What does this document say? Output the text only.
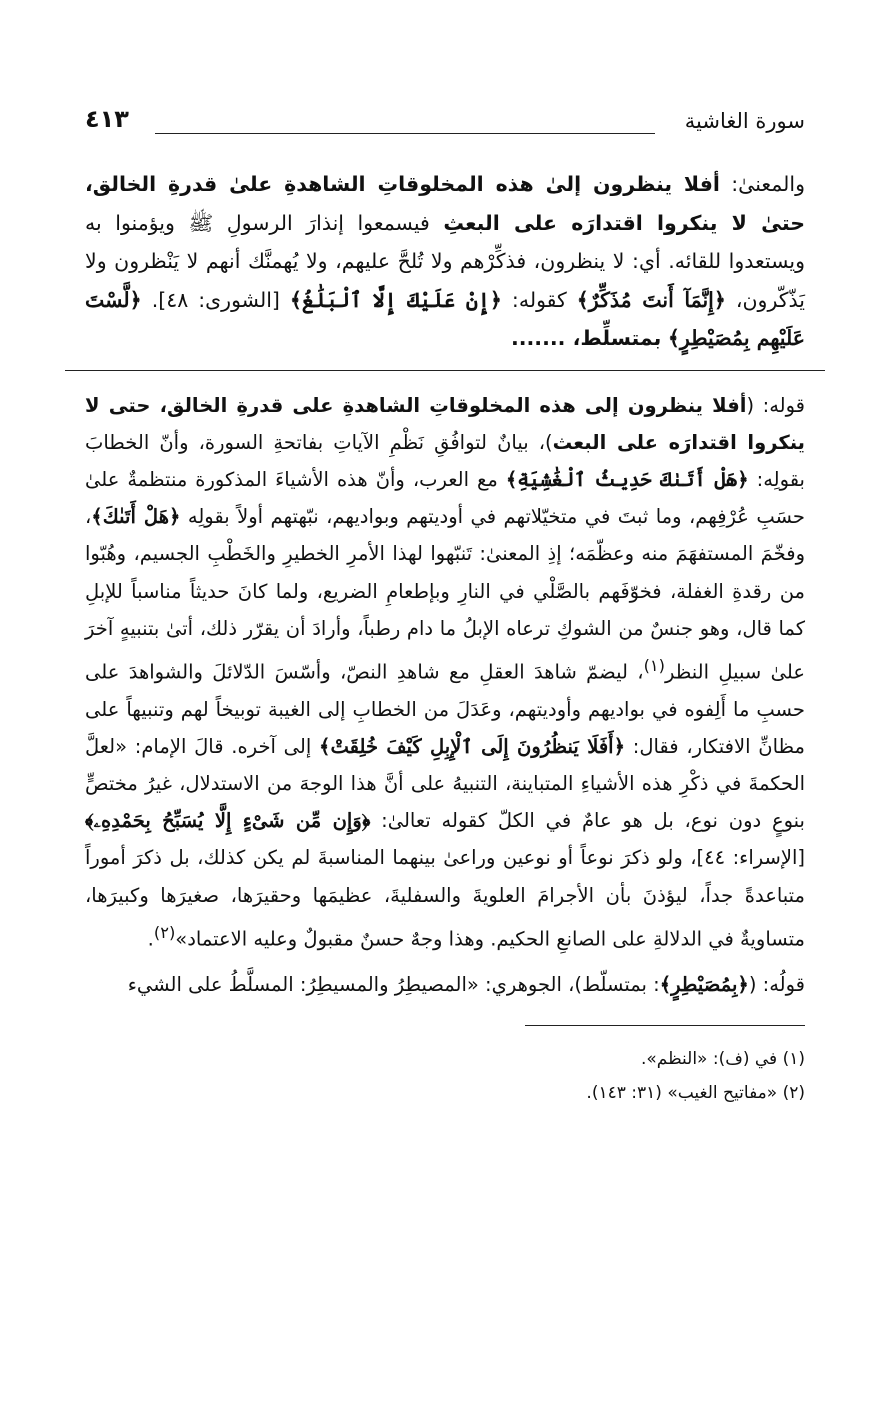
سورة الغاشية
٤١٣

والمعنىٰ: أفلا ينظرون إلىٰ هذه المخلوقاتِ الشاهدةِ علىٰ قدرةِ الخالق، حتىٰ لا ينكروا اقتدارَه على البعثِ فيسمعوا إنذارَ الرسولِ ﷺ ويؤمنوا به ويستعدوا للقائه. أي: لا ينظرون، فذكِّرْهم ولا تُلحَّ عليهم، ولا يُهمنَّك أنهم لا يَنْظرون ولا يَذّكّرون، ﴿إِنَّمَآ أَنتَ مُذَكِّرٌ﴾ كقوله: ﴿إِنْ عَلَيْكَ إِلَّا ٱلْبَلَٰغُ﴾ [الشورى: ٤٨]. ﴿لَّسْتَ عَلَيْهِم بِمُصَيْطِرٍ﴾ بمتسلِّط، .......

قوله: (أفلا ينظرون إلى هذه المخلوقاتِ الشاهدةِ على قدرةِ الخالق، حتى لا ينكروا اقتدارَه على البعث)، بيانٌ لتوافُقِ نَظْمِ الآياتِ بفاتحةِ السورة، وأنّ الخطابَ بقولِه: ﴿هَلْ أَتَىٰكَ حَدِيثُ ٱلْغَٰشِيَةِ﴾ مع العرب، وأنّ هذه الأشياءَ المذكورة منتظمةٌ علىٰ حسَبِ عُرْفِهم، وما ثبتَ في متخيّلاتهم في أوديتهم وبواديهم، نبّهتهم أولاً بقولِه ﴿هَلْ أَتَىٰكَ﴾، وفخّمَ المستفهَمَ منه وعظّمَه؛ إذِ المعنىٰ: تَنبّهوا لهذا الأمرِ الخطيرِ والخَطْبِ الجسيم، وهُبّوا من رقدةِ الغفلة، فخوّفَهم بالصَّلْي في النارِ وبإطعامِ الضريع، ولما كانَ حديثاً مناسباً للإبلِ كما قال، وهو جنسٌ من الشوكِ ترعاه الإبلُ ما دام رطباً، وأرادَ أن يقرّر ذلك، أتىٰ بتنبيهٍ آخرَ علىٰ سبيلِ النظر$^{(١)}$، ليضمّ شاهدَ العقلِ مع شاهدِ النصّ، وأسّسَ الدّلائلَ والشواهدَ على حسبِ ما أَلِفوه في بواديهم وأوديتهم، وعَدَلَ من الخطابِ إلى الغيبة توبيخاً لهم وتنبيهاً على مظانِّ الافتكار، فقال: ﴿أَفَلَا يَنظُرُونَ إِلَى ٱلْإِبِلِ كَيْفَ خُلِقَتْ﴾ إلى آخره. قالَ الإمام: «لعلَّ الحكمةَ في ذكْرِ هذه الأشياءِ المتباينة، التنبيهُ على أنَّ هذا الوجهَ من الاستدلال، غيرُ مختصٍّ بنوعٍ دون نوع، بل هو عامٌ في الكلّ كقوله تعالىٰ: ﴿وَإِن مِّن شَىْءٍ إِلَّا يُسَبِّحُ بِحَمْدِهِۦ﴾ [الإسراء: ٤٤]، ولو ذكرَ نوعاً أو نوعين وراعىٰ بينهما المناسبةَ لم يكن كذلك، بل ذكرَ أموراً متباعدةً جداً، ليؤذنَ بأن الأجرامَ العلويةَ والسفليةَ، عظيمَها وحقيرَها، صغيرَها وكبيرَها، متساويةٌ في الدلالةِ على الصانعِ الحكيم. وهذا وجهٌ حسنٌ مقبولٌ وعليه الاعتماد»$^{(٢)}$.

قولُه: (﴿بِمُصَيْطِرٍ﴾: بمتسلّط)، الجوهري: «المصيطِرُ والمسيطِرُ: المسلَّطُ على الشيء

(١) في (ف): «النظم».

(٢) «مفاتيح الغيب» (٣١: ١٤٣).
